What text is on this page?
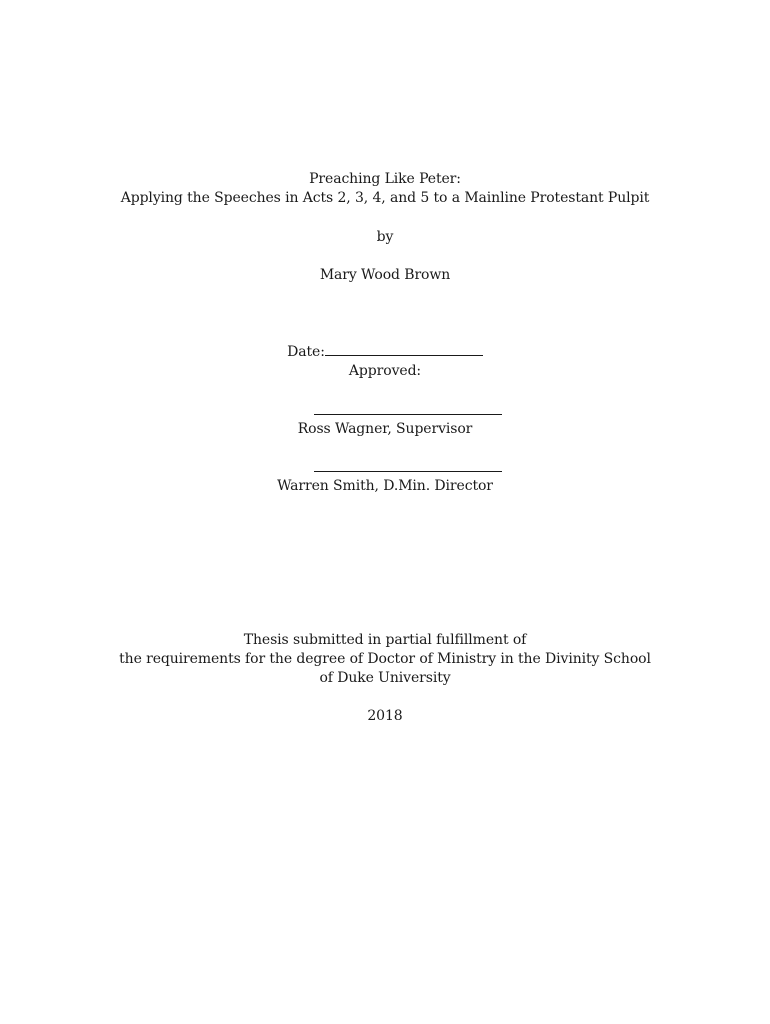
Preaching Like Peter:
Applying the Speeches in Acts 2, 3, 4, and 5 to a Mainline Protestant Pulpit
by
Mary Wood Brown
Date:
Approved:
Ross Wagner, Supervisor
Warren Smith, D.Min. Director
Thesis submitted in partial fulfillment of
the requirements for the degree of Doctor of Ministry in the Divinity School
of Duke University
2018
